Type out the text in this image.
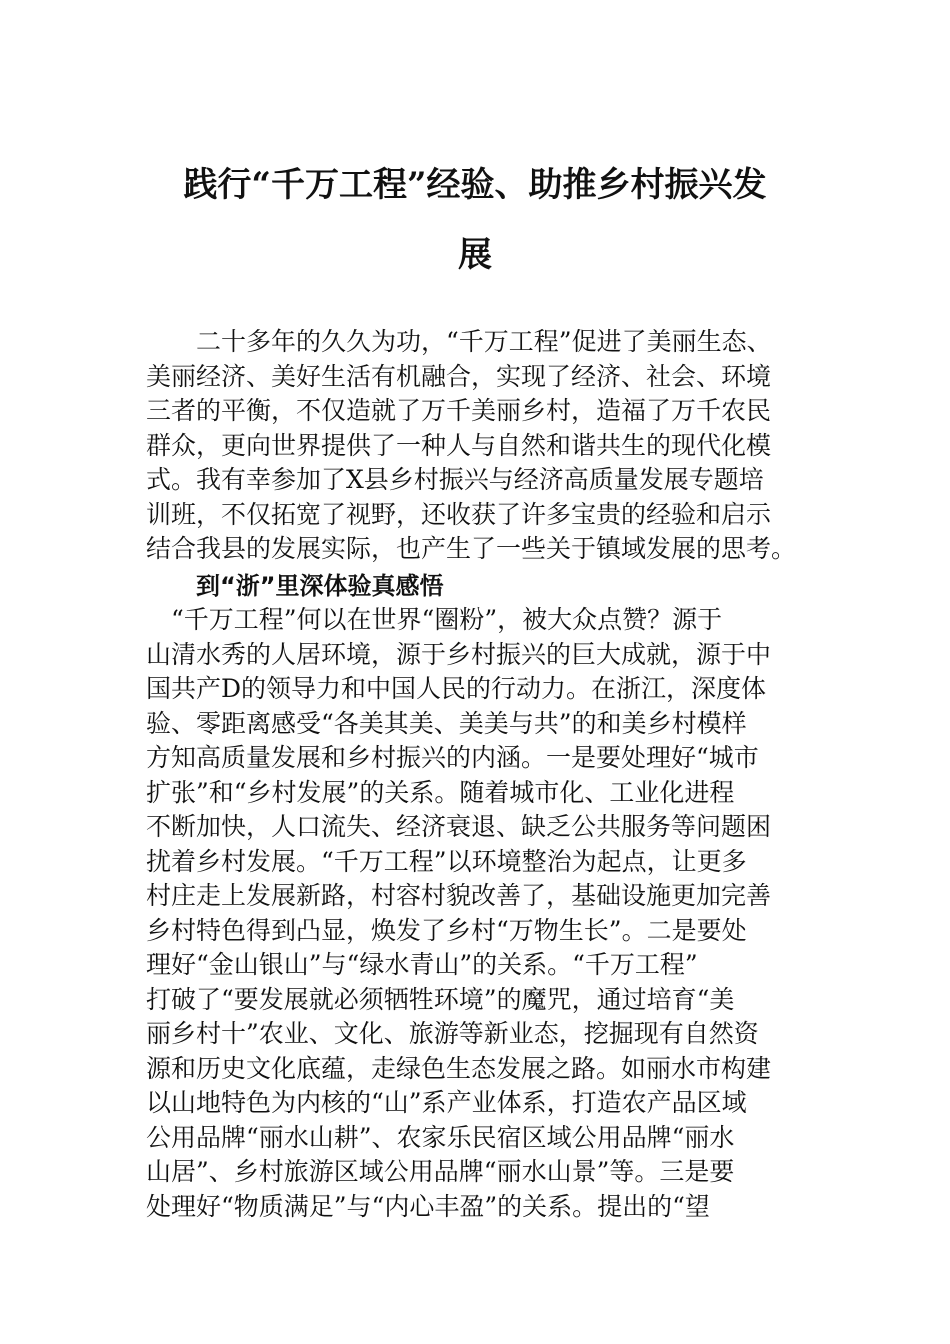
践行“千万工程”经验、助推乡村振兴发
展
　　二十多年的久久为功，“千万工程”促进了美丽生态、
美丽经济、美好生活有机融合，实现了经济、社会、环境
三者的平衡，不仅造就了万千美丽乡村，造福了万千农民
群众，更向世界提供了一种人与自然和谐共生的现代化模
式。我有幸参加了X县乡村振兴与经济高质量发展专题培
训班，不仅拓宽了视野，还收获了许多宝贵的经验和启示
结合我县的发展实际，也产生了一些关于镇域发展的思考。
到“浙”里深体验真感悟
　“千万工程”何以在世界“圈粉”，被大众点赞？源于
山清水秀的人居环境，源于乡村振兴的巨大成就，源于中
国共产D的领导力和中国人民的行动力。在浙江，深度体
验、零距离感受“各美其美、美美与共”的和美乡村模样
方知高质量发展和乡村振兴的内涵。一是要处理好“城市
扩张”和“乡村发展”的关系。随着城市化、工业化进程
不断加快，人口流失、经济衰退、缺乏公共服务等问题困
扰着乡村发展。“千万工程”以环境整治为起点，让更多
村庄走上发展新路，村容村貌改善了，基础设施更加完善
乡村特色得到凸显，焕发了乡村“万物生长”。二是要处
理好“金山银山”与“绿水青山”的关系。“千万工程”
打破了“要发展就必须牺牲环境”的魔咒，通过培育“美
丽乡村十”农业、文化、旅游等新业态，挖掘现有自然资
源和历史文化底蕴，走绿色生态发展之路。如丽水市构建
以山地特色为内核的“山”系产业体系，打造农产品区域
公用品牌“丽水山耕”、农家乐民宿区域公用品牌“丽水
山居”、乡村旅游区域公用品牌“丽水山景”等。三是要
处理好“物质满足”与“内心丰盈”的关系。提出的“望
